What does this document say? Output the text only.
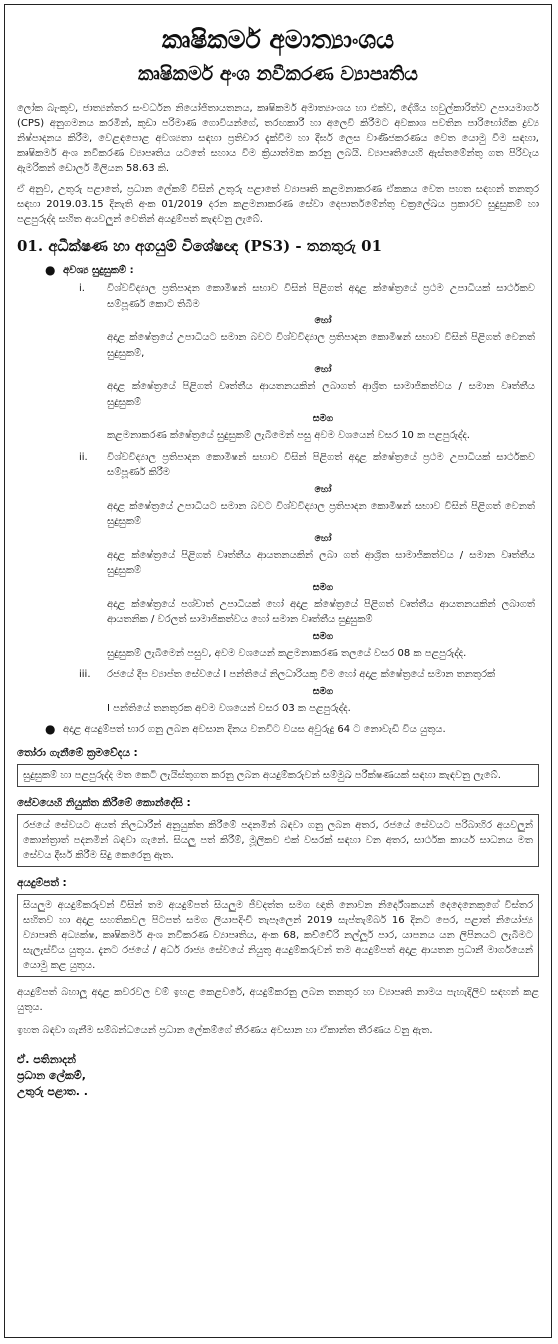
කෘෂිකර්ම අමාත්‍යාංශය
කෘෂිකර්ම අංශ නවීකරණ ව්‍යාපෘතිය

ලෝක බැංකුව, ජාත්‍යන්තර සංවර්ධන නියෝජිතායතනය, කෘෂිකර්ම අමාත්‍යාංශය හා එක්ව, දේශීය හවුල්කාරිත්ව උපායමාර්ග (CPS) අනුගමනය කරමින්, කුඩා පරිමාණ ගොවියන්ගේ, තරඟකාරී හා අලෙවි කිරීමට අවකාශ පවතින පාරිභෝගික ද්‍රව්‍ය නිෂ්පාදනය කිරීම, වෙළඳපොළ අවශ්‍යතා සඳහා ප්‍රතිචාර දැක්වීම හා දීර්ඝ ලෙස වාණිජකරණය වෙත යොමු වීම සඳහා, කෘෂිකර්ම අංශ නවීකරණ ව්‍යාපෘතිය යටතේ සහාය වීම ක්‍රියාත්මක කරනු ලබයි. ව්‍යාපෘතියෙහි ඇස්තමේන්තු ගත පිරිවැය ඇමරිකන් ඩොලර් මිලියන 58.63 කි.

ඒ අනුව, උතුරු පළාතේ, ප්‍රධාන ලේකම් විසින් උතුරු පළාතේ ව්‍යාපෘති කළමනාකරණ ඒකකය වෙත පහත සඳහන් තනතුර සඳහා 2019.03.15 දිනැති අංක 01/2019 දරන කළමනාකරණ සේවා දෙපාර්තමේන්තු චක්‍රලේඛය ප්‍රකාරව සුදුසුකම් හා පළපුරුද්ද සහිත අයවලුන් වෙතින් අයදුම්පත් කැඳවනු ලැබේ.

01. අධීක්ෂණ හා අගයුම් විශේෂඥ (PS3) - තනතුරු 01
● අවශ්‍ය සුදුසුකම් :
i. විශ්වවිද්‍යාල ප්‍රතිපාදන කොමිෂන් සභාව විසින් පිළිගත් අදාළ ක්ෂේත්‍රයේ ප්‍රථම උපාධියක් සාර්ථකව සම්පූර්ණ කොට තිබීම
හෝ
අදාළ ක්ෂේත්‍රයේ උපාධියට සමාන බවට විශ්වවිද්‍යාල ප්‍රතිපාදන කොමිෂන් සභාව විසින් පිළිගත් වෙනත් සුදුසුකම්,
හෝ
අදාළ ක්ෂේත්‍රයේ පිළිගත් වෘත්තීය ආයතනයකින් ලබාගත් ආශ්‍රිත සාමාජිකත්වය / සමාන වෘත්තීය සුදුසුකම්
සමග
කළමනාකරණ ක්ෂේත්‍රයේ සුදුසුකම් ලැබීමෙන් පසු අවම වශයෙන් වසර 10 ක පළපුරුද්ද.
ii. විශ්වවිද්‍යාල ප්‍රතිපාදන කොමිෂන් සභාව විසින් පිළිගත් අදාළ ක්ෂේත්‍රයේ ප්‍රථම උපාධියක් සාර්ථකව සම්පූර්ණ කිරීම
හෝ
අදාළ ක්ෂේත්‍රයේ උපාධියට සමාන බවට විශ්වවිද්‍යාල ප්‍රතිපාදන කොමිෂන් සභාව විසින් පිළිගත් වෙනත් සුදුසුකම්
හෝ
අදාළ ක්ෂේත්‍රයේ පිළිගත් වෘත්තීය ආයතනයකින් ලබා ගත් ආශ්‍රිත සාමාජිකත්වය / සමාන වෘත්තීය සුදුසුකම්
සමග
අදාළ ක්ෂේත්‍රයේ පශ්චාත් උපාධියක් හෝ අදාළ ක්ෂේත්‍රයේ පිළිගත් වෘත්තීය ආයතනයකින් ලබාගත් ආයතනික / වරලත් සාමාජිකත්වය හෝ සමාන වෘත්තීය සුදුසුකම්
සමග
සුදුසුකම් ලැබීමෙන් පසුව, අවම වශයෙන් කළමනාකරණ තලයේ වසර 08 ක පළපුරුද්ද.
iii. රජයේ දීප ව්‍යාප්ත සේවයේ I පන්තියේ නිලධාරියකු වීම හෝ අදාළ ක්ෂේත්‍රයේ සමාන තනතුරක්
සමග
I පන්තියේ තනතුරක අවම වශයෙන් වසර 03 ක පළපුරුද්ද.
● අදාළ අයදුම්පත් භාර ගනු ලබන අවසාන දිනය වනවිට වයස අවුරුදු 64 ට නොවැඩි විය යුතුය.
තෝරා ගැනීමේ ක්‍රමවේදය :
සුදුසුකම් හා පළපුරුද්ද මත කෙටි ලැයිස්තුගත කරනු ලබන අයදුම්කරුවන් සම්මුඛ පරීක්ෂණයක් සඳහා කැඳවනු ලැබේ.
සේවයෙහි නියුක්ත කිරීමේ කොන්දේසි :
රජයේ සේවයට අයත් නිලධාරීන් අනුයුක්ත කිරීමේ පදනමින් බඳවා ගනු ලබන අතර, රජයේ සේවයට පරිබාහිර අයවලුන් කොන්ත්‍රාත් පදනමින් බඳවා ගැනේ. සියලු පත් කිරීම්, මූලිකව එක් වසරක් සඳහා වන අතර, සාර්ථක කාර්ය සාධනය මත සේවය දීර්ඝ කිරීම සිදු කෙරෙනු ඇත.
අයදුම්පත් :
සියලුම අයදුම්කරුවන් විසින් තම අයදුම්පත් සියලුම ජීවදත්ත සමග ඥාති නොවන නිර්දේශකයන් දෙදෙනෙකුගේ විස්තර සහිතව හා අදාළ සහතිකවල පිටපත් සමග ලියාපදිංචි තැපෑලෙන් 2019 සැප්තැම්බර් 16 දිනට පෙර, පළාත් නියෝජ්‍ය ව්‍යාපෘති අධ්‍යක්ෂ, කෘෂිකර්ම අංශ නවීකරණ ව්‍යාපෘතිය, අංක 68, කච්චේරි නල්ලූර් පාර, යාපනය යන ලිපිනයට ලැබීමට සැලැස්විය යුතුය. දැනට රජයේ / අර්ධ රාජ්‍ය සේවයේ නියුතු අයදුම්කරුවන් තම අයදුම්පත් අදාළ ආයතන ප්‍රධානී මාර්ගයෙන් යොමු කළ යුතුය.

අයදුම්පත් බහාලූ අදාළ කවරවල වම් ඉහළ කෙළවරේ, අයදුම්කරනු ලබන තනතුර හා ව්‍යාපෘති නාමය පැහැදිලිව සඳහන් කළ යුතුය.

ඉහත බඳවා ගැනීම සම්බන්ධයෙන් ප්‍රධාන ලේකම්ගේ තීරණය අවසාන හා ඒකාන්ත තීරණය වනු ඇත.

ඒ. පතිනාදන්
ප්‍රධාන ලේකම්,
උතුරු පළාත. .
